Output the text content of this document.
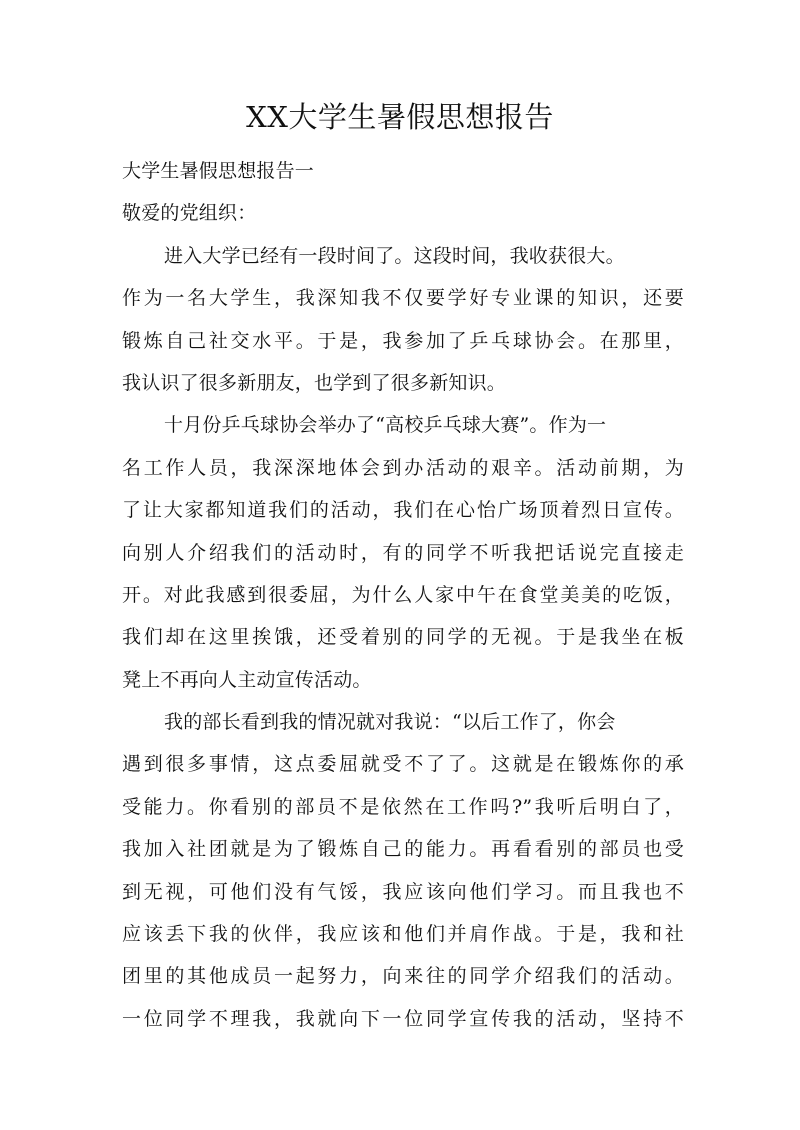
XX大学生暑假思想报告
大学生暑假思想报告一
敬爱的党组织：
进入大学已经有一段时间了。这段时间，我收获很大。
作为一名大学生，我深知我不仅要学好专业课的知识，还要
锻炼自己社交水平。于是，我参加了乒乓球协会。在那里，
我认识了很多新朋友，也学到了很多新知识。
十月份乒乓球协会举办了“高校乒乓球大赛”。作为一
名工作人员，我深深地体会到办活动的艰辛。活动前期，为
了让大家都知道我们的活动，我们在心怡广场顶着烈日宣传。
向别人介绍我们的活动时，有的同学不听我把话说完直接走
开。对此我感到很委屈，为什么人家中午在食堂美美的吃饭，
我们却在这里挨饿，还受着别的同学的无视。于是我坐在板
凳上不再向人主动宣传活动。
我的部长看到我的情况就对我说：“以后工作了，你会
遇到很多事情，这点委屈就受不了了。这就是在锻炼你的承
受能力。你看别的部员不是依然在工作吗?”我听后明白了，
我加入社团就是为了锻炼自己的能力。再看看别的部员也受
到无视，可他们没有气馁，我应该向他们学习。而且我也不
应该丢下我的伙伴，我应该和他们并肩作战。于是，我和社
团里的其他成员一起努力，向来往的同学介绍我们的活动。
一位同学不理我，我就向下一位同学宣传我的活动，坚持不
